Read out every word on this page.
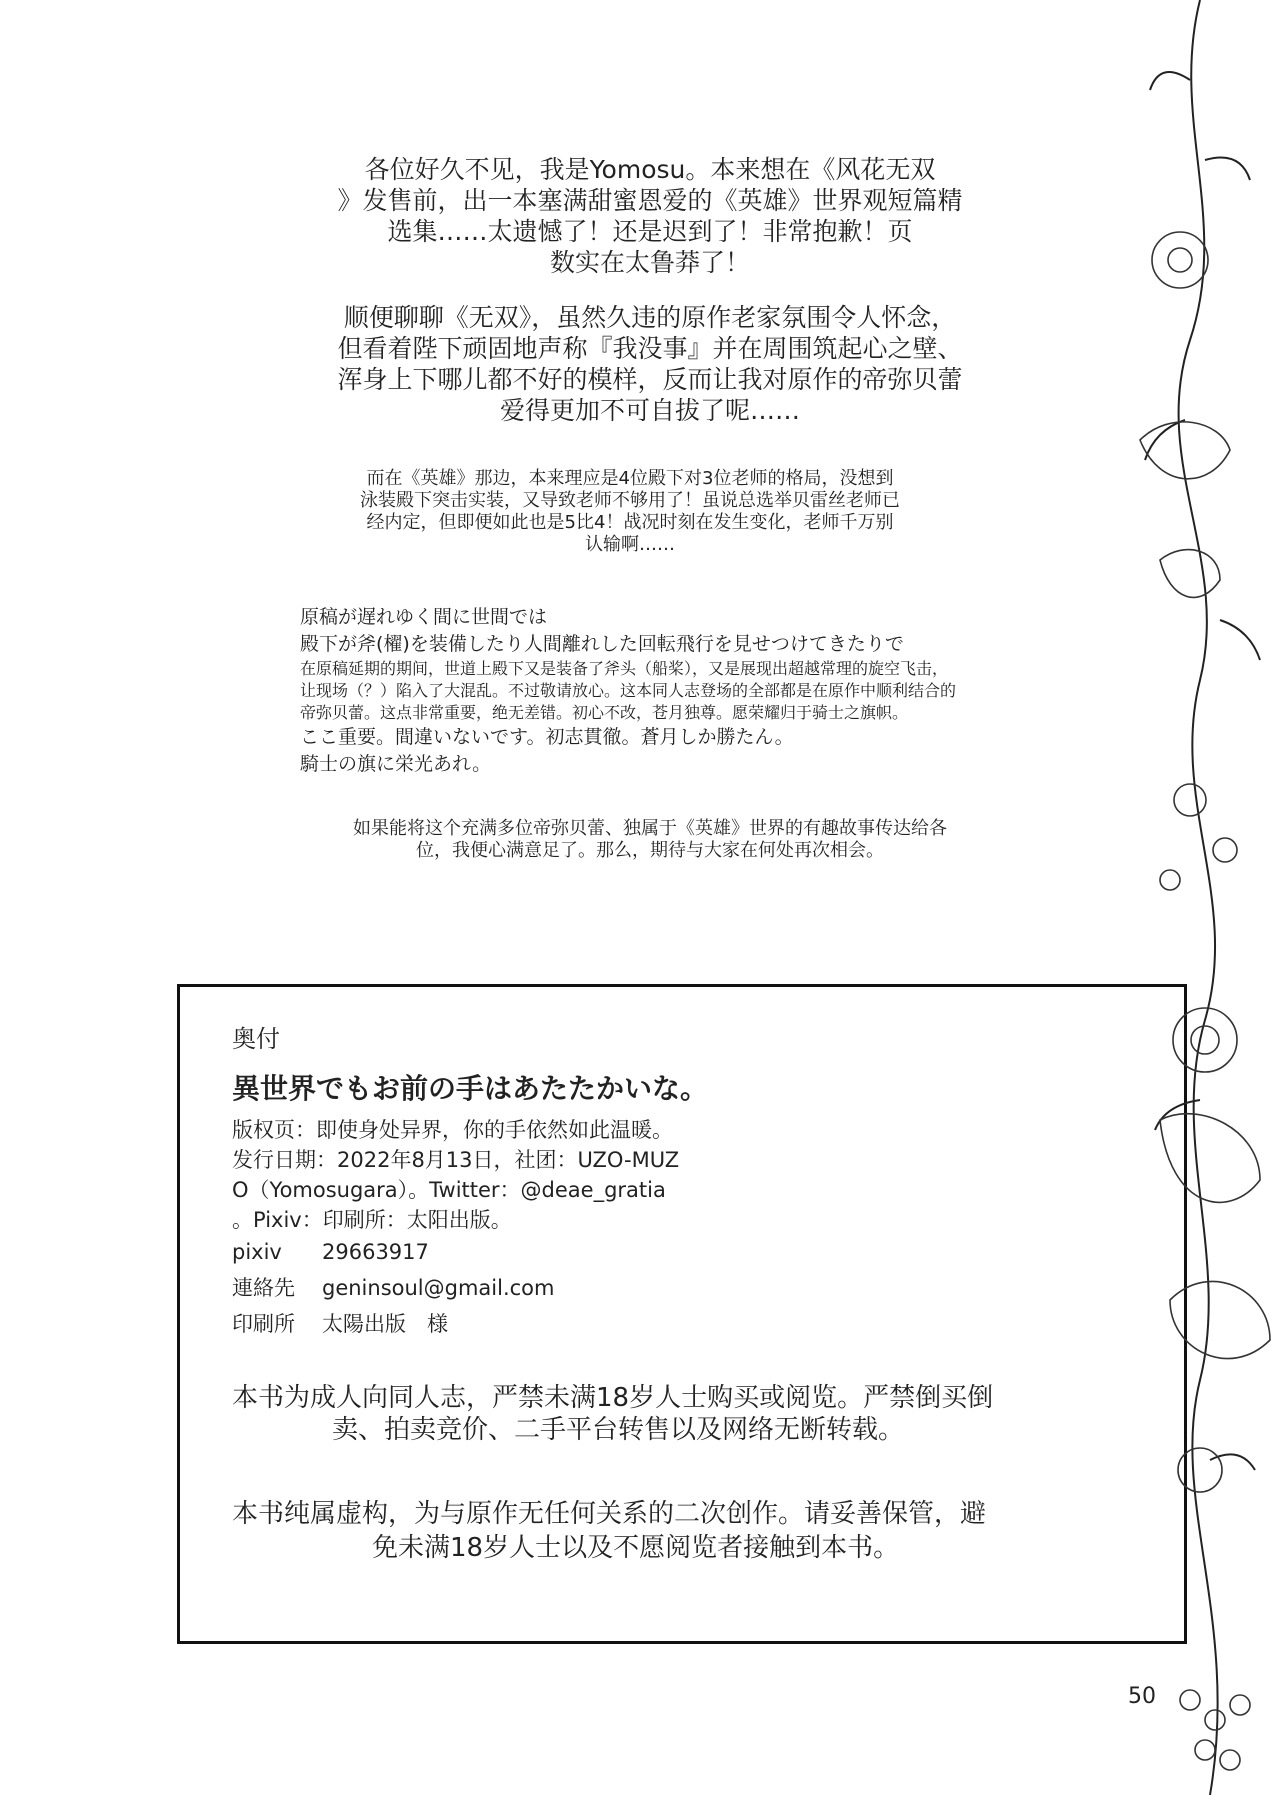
各位好久不见，我是Yomosu。本来想在《风花无双
》发售前，出一本塞满甜蜜恩爱的《英雄》世界观短篇精
选集……太遗憾了！还是迟到了！非常抱歉！页
数实在太鲁莽了！
顺便聊聊《无双》，虽然久违的原作老家氛围令人怀念，
但看着陛下顽固地声称『我没事』并在周围筑起心之壁、
浑身上下哪儿都不好的模样，反而让我对原作的帝弥贝蕾
爱得更加不可自拔了呢……
而在《英雄》那边，本来理应是4位殿下对3位老师的格局，没想到
泳装殿下突击实装，又导致老师不够用了！虽说总选举贝雷丝老师已
经内定，但即便如此也是5比4！战况时刻在发生变化，老师千万别
认输啊……
原稿が遅れゆく間に世間では
殿下が斧(櫂)を装備したり人間離れした回転飛行を見せつけてきたりで
在原稿延期的期间，世道上殿下又是装备了斧头（船桨），又是展现出超越常理的旋空飞击，
让现场（？）陷入了大混乱。不过敬请放心。这本同人志登场的全部都是在原作中顺利结合的
帝弥贝蕾。这点非常重要，绝无差错。初心不改，苍月独尊。愿荣耀归于骑士之旗帜。
ここ重要。間違いないです。初志貫徹。蒼月しか勝たん。
騎士の旗に栄光あれ。
如果能将这个充满多位帝弥贝蕾、独属于《英雄》世界的有趣故事传达给各
位，我便心满意足了。那么，期待与大家在何处再次相会。
奥付
異世界でもお前の手はあたたかいな。
版权页：即使身处异界，你的手依然如此温暖。
发行日期：2022年8月13日，社团：UZO-MUZ
O（Yomosugara）。Twitter：@deae_gratia
。Pixiv：印刷所：太阳出版。
pixiv	29663917
連絡先 geninsoul@gmail.com
印刷所 太陽出版　様
本书为成人向同人志，严禁未满18岁人士购买或阅览。严禁倒买倒
卖、拍卖竞价、二手平台转售以及网络无断转载。
本书纯属虚构，为与原作无任何关系的二次创作。请妥善保管，避
免未满18岁人士以及不愿阅览者接触到本书。
50
